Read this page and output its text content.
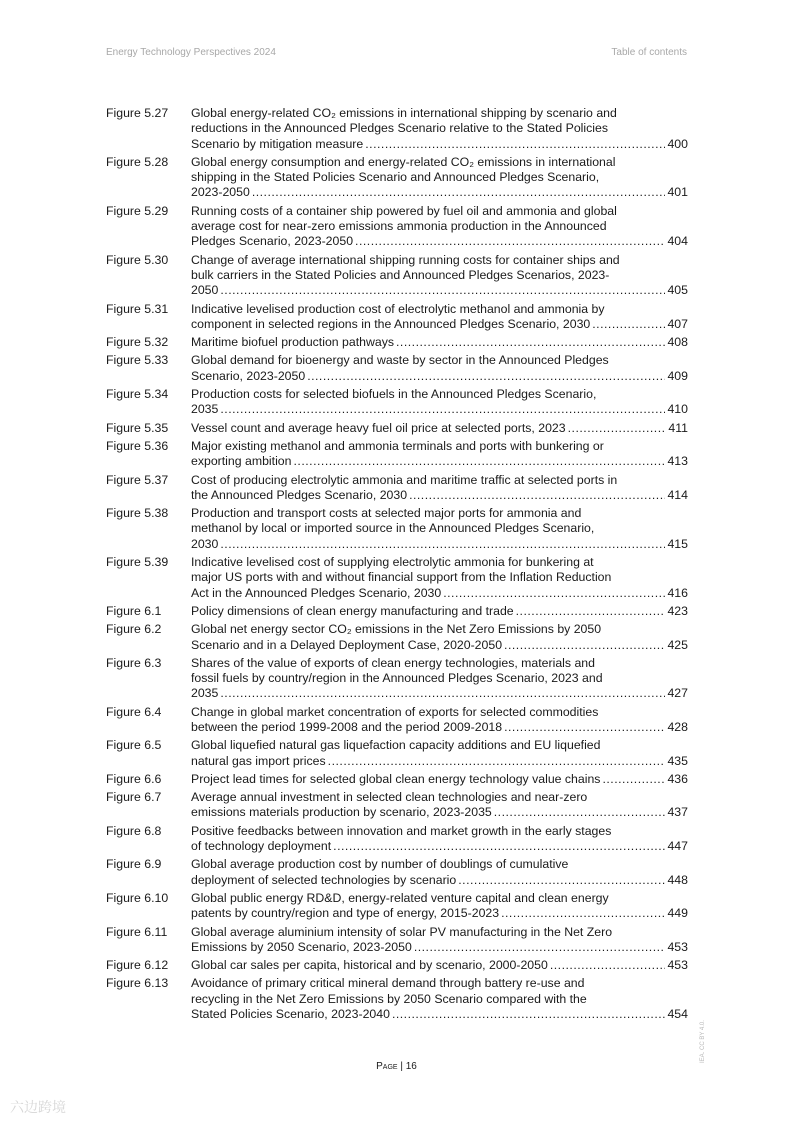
Energy Technology Perspectives 2024	Table of contents
Figure 5.27	Global energy-related CO₂ emissions in international shipping by scenario and
reductions in the Announced Pledges Scenario relative to the Stated Policies
Scenario by mitigation measure .....	400
Figure 5.28	Global energy consumption and energy-related CO₂ emissions in international
shipping in the Stated Policies Scenario and Announced Pledges Scenario,
2023-2050 .....	401
Figure 5.29	Running costs of a container ship powered by fuel oil and ammonia and global
average cost for near-zero emissions ammonia production in the Announced
Pledges Scenario, 2023-2050 .....	404
Figure 5.30	Change of average international shipping running costs for container ships and
bulk carriers in the Stated Policies and Announced Pledges Scenarios, 2023-
2050 .....	405
Figure 5.31	Indicative levelised production cost of electrolytic methanol and ammonia by
component in selected regions in the Announced Pledges Scenario, 2030 .....	407
Figure 5.32	Maritime biofuel production pathways .....	408
Figure 5.33	Global demand for bioenergy and waste by sector in the Announced Pledges
Scenario, 2023-2050 .....	409
Figure 5.34	Production costs for selected biofuels in the Announced Pledges Scenario,
2035 .....	410
Figure 5.35	Vessel count and average heavy fuel oil price at selected ports, 2023 .....	411
Figure 5.36	Major existing methanol and ammonia terminals and ports with bunkering or
exporting ambition .....	413
Figure 5.37	Cost of producing electrolytic ammonia and maritime traffic at selected ports in
the Announced Pledges Scenario, 2030 .....	414
Figure 5.38	Production and transport costs at selected major ports for ammonia and
methanol by local or imported source in the Announced Pledges Scenario,
2030 .....	415
Figure 5.39	Indicative levelised cost of supplying electrolytic ammonia for bunkering at
major US ports with and without financial support from the Inflation Reduction
Act in the Announced Pledges Scenario, 2030 .....	416
Figure 6.1	Policy dimensions of clean energy manufacturing and trade .....	423
Figure 6.2	Global net energy sector CO₂ emissions in the Net Zero Emissions by 2050
Scenario and in a Delayed Deployment Case, 2020-2050 .....	425
Figure 6.3	Shares of the value of exports of clean energy technologies, materials and
fossil fuels by country/region in the Announced Pledges Scenario, 2023 and
2035 .....	427
Figure 6.4	Change in global market concentration of exports for selected commodities
between the period 1999-2008 and the period 2009-2018 .....	428
Figure 6.5	Global liquefied natural gas liquefaction capacity additions and EU liquefied
natural gas import prices .....	435
Figure 6.6	Project lead times for selected global clean energy technology value chains .....	436
Figure 6.7	Average annual investment in selected clean technologies and near-zero
emissions materials production by scenario, 2023-2035 .....	437
Figure 6.8	Positive feedbacks between innovation and market growth in the early stages
of technology deployment .....	447
Figure 6.9	Global average production cost by number of doublings of cumulative
deployment of selected technologies by scenario .....	448
Figure 6.10	Global public energy RD&D, energy-related venture capital and clean energy
patents by country/region and type of energy, 2015-2023 .....	449
Figure 6.11	Global average aluminium intensity of solar PV manufacturing in the Net Zero
Emissions by 2050 Scenario, 2023-2050 .....	453
Figure 6.12	Global car sales per capita, historical and by scenario, 2000-2050 .....	453
Figure 6.13	Avoidance of primary critical mineral demand through battery re-use and
recycling in the Net Zero Emissions by 2050 Scenario compared with the
Stated Policies Scenario, 2023-2040 .....	454
Page | 16
IEA. CC BY 4.0.
六边跨境
